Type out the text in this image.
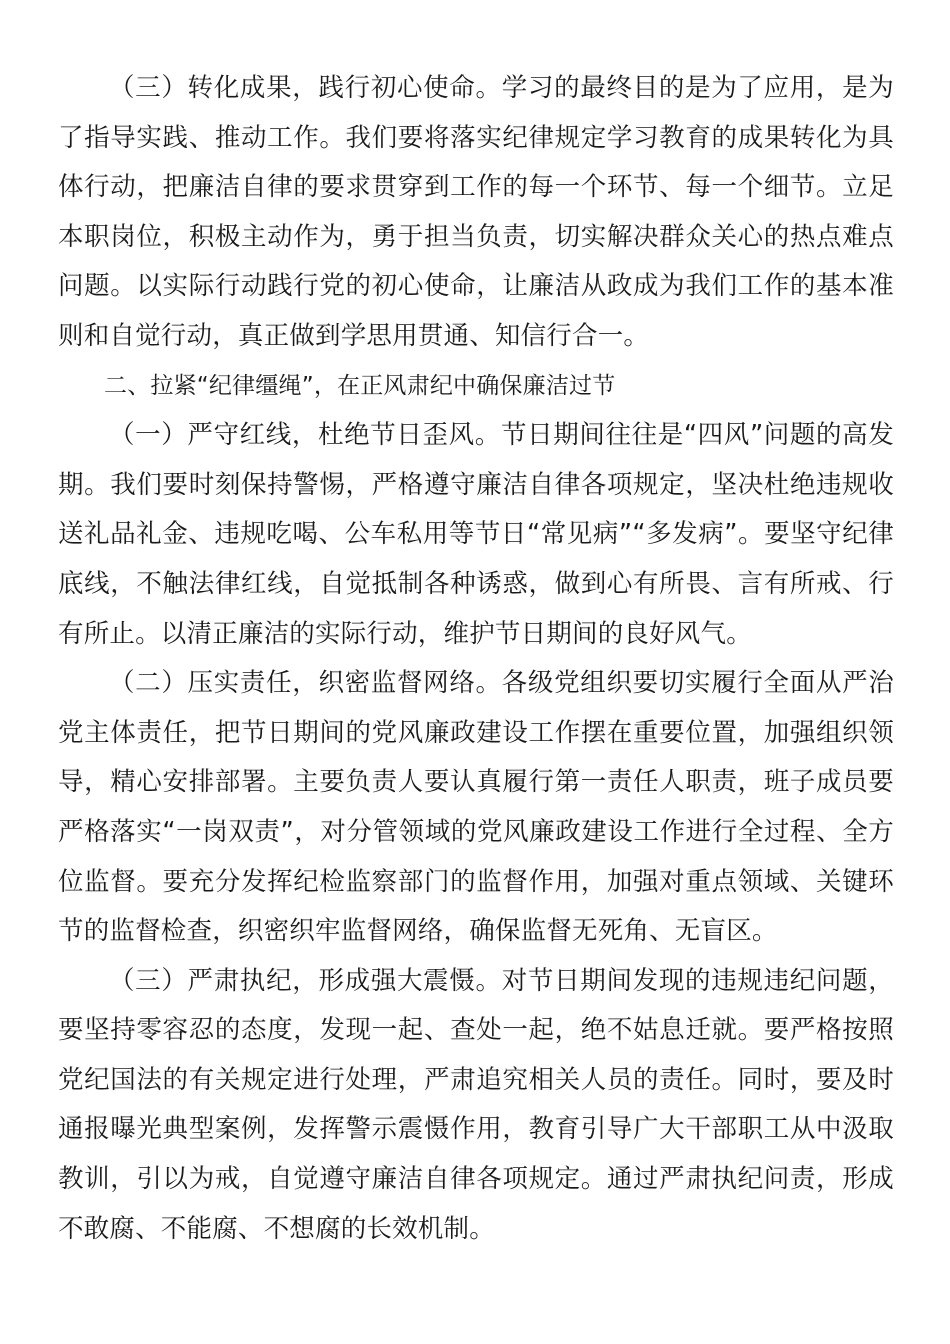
（三）转化成果，践行初心使命。学习的最终目的是为了应用，是为了指导实践、推动工作。我们要将落实纪律规定学习教育的成果转化为具体行动，把廉洁自律的要求贯穿到工作的每一个环节、每一个细节。立足本职岗位，积极主动作为，勇于担当负责，切实解决群众关心的热点难点问题。以实际行动践行党的初心使命，让廉洁从政成为我们工作的基本准则和自觉行动，真正做到学思用贯通、知信行合一。

二、拉紧“纪律缰绳”，在正风肃纪中确保廉洁过节

（一）严守红线，杜绝节日歪风。节日期间往往是“四风”问题的高发期。我们要时刻保持警惕，严格遵守廉洁自律各项规定，坚决杜绝违规收送礼品礼金、违规吃喝、公车私用等节日“常见病”“多发病”。要坚守纪律底线，不触法律红线，自觉抵制各种诱惑，做到心有所畏、言有所戒、行有所止。以清正廉洁的实际行动，维护节日期间的良好风气。

（二）压实责任，织密监督网络。各级党组织要切实履行全面从严治党主体责任，把节日期间的党风廉政建设工作摆在重要位置，加强组织领导，精心安排部署。主要负责人要认真履行第一责任人职责，班子成员要严格落实“一岗双责”，对分管领域的党风廉政建设工作进行全过程、全方位监督。要充分发挥纪检监察部门的监督作用，加强对重点领域、关键环节的监督检查，织密织牢监督网络，确保监督无死角、无盲区。

（三）严肃执纪，形成强大震慑。对节日期间发现的违规违纪问题，要坚持零容忍的态度，发现一起、查处一起，绝不姑息迁就。要严格按照党纪国法的有关规定进行处理，严肃追究相关人员的责任。同时，要及时通报曝光典型案例，发挥警示震慑作用，教育引导广大干部职工从中汲取教训，引以为戒，自觉遵守廉洁自律各项规定。通过严肃执纪问责，形成不敢腐、不能腐、不想腐的长效机制。
